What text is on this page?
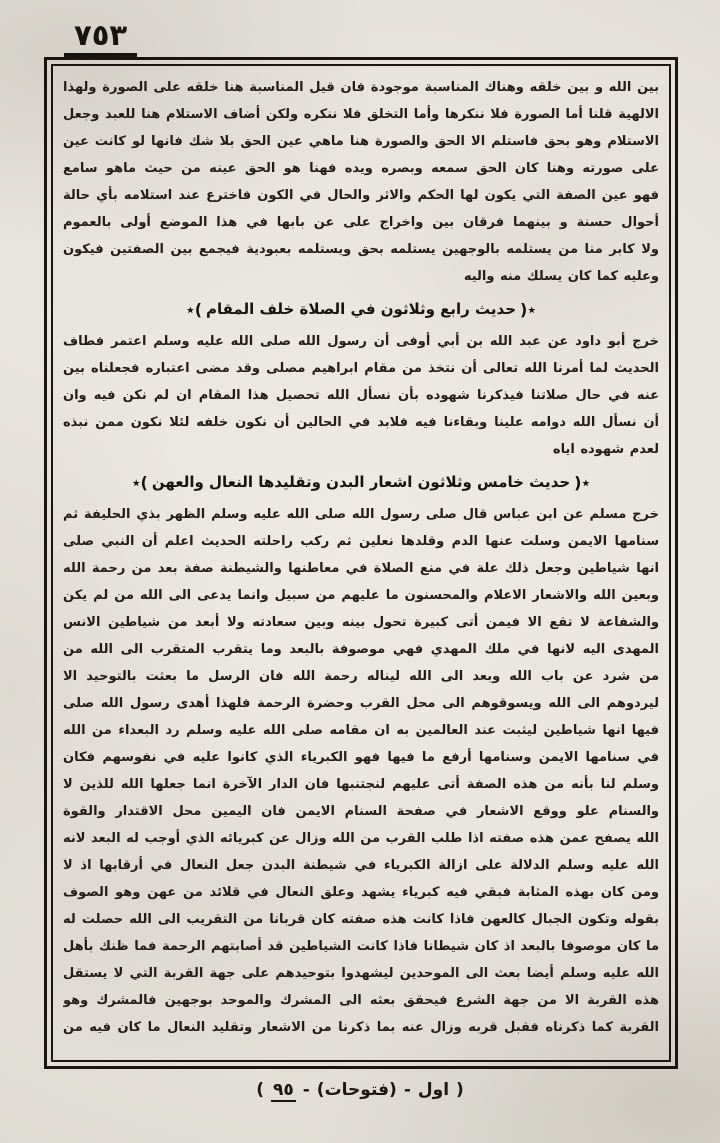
٧٥٣
بين الله و بين خلقه وهناك المناسبة موجودة فان قيل المناسبة هنا خلقه على الصورة ولهذا
الالهية قلنا أما الصورة فلا ننكرها وأما التخلق فلا ننكره ولكن أضاف الاستلام هنا للعبد وجعل
الاستلام وهو بحق فاستلم الا الحق والصورة هنا ماهي عين الحق بلا شك فانها لو كانت عين
على صورته وهنا كان الحق سمعه وبصره ويده فهنا هو الحق عينه من حيث ماهو سامع
فهو عين الصفة التي يكون لها الحكم والاثر والحال في الكون فاخترع عند استلامه بأي حالة
أحوال حسنة و بينهما فرقان بين واخراج على عن بابها في هذا الموضع أولى بالعموم
ولا كابر منا من يستلمه بالوجهين يستلمه بحق ويستلمه بعبودية فيجمع بين الصفتين فيكون
وعليه كما كان يسلك منه واليه
)٭
حديث رابع وثلاثون في الصلاة خلف المقام
٭(
خرج أبو داود عن عبد الله بن أبي أوفى أن رسول الله صلى الله عليه وسلم اعتمر فطاف
الحديث لما أمرنا الله تعالى أن نتخذ من مقام ابراهيم مصلى وقد مضى اعتباره فجعلناه بين
عنه في حال صلاتنا فيذكرنا شهوده بأن نسأل الله تحصيل هذا المقام ان لم نكن فيه وان
أن نسأل الله دوامه علينا وبقاءنا فيه فلابد في الحالين أن نكون خلفه لئلا نكون ممن نبذه
لعدم شهوده اياه
)٭
حديث خامس وثلاثون اشعار البدن وتقليدها النعال والعهن
٭(
خرج مسلم عن ابن عباس قال صلى رسول الله صلى الله عليه وسلم الظهر بذي الحليفة ثم
سنامها الايمن وسلت عنها الدم وقلدها نعلين ثم ركب راحلته الحديث اعلم أن النبي صلى
انها شياطين وجعل ذلك علة في منع الصلاة في معاطنها والشيطنة صفة بعد من رحمة الله
وبعين الله والاشعار الاعلام والمحسنون ما عليهم من سبيل وانما يدعى الى الله من لم يكن
والشفاعة لا تقع الا فيمن أتى كبيرة تحول بينه وبين سعادته ولا أبعد من شياطين الانس
المهدى اليه لانها في ملك المهدي فهي موصوفة بالبعد وما يتقرب المتقرب الى الله من
من شرد عن باب الله وبعد الى الله ليناله رحمة الله فان الرسل ما بعثت بالتوحيد الا
ليردوهم الى الله ويسوقوهم الى محل القرب وحضرة الرحمة فلهذا أهدى رسول الله صلى
فيها انها شياطين ليثبت عند العالمين به ان مقامه صلى الله عليه وسلم رد البعداء من الله
في سنامها الايمن وسنامها أرفع ما فيها فهو الكبرياء الذي كانوا عليه في نفوسهم فكان
وسلم لنا بأنه من هذه الصفة أتى عليهم لنجتنبها فان الدار الآخرة انما جعلها الله للذين لا
والسنام علو ووقع الاشعار في صفحة السنام الايمن فان اليمين محل الاقتدار والقوة
الله يصفح عمن هذه صفته اذا طلب القرب من الله وزال عن كبريائه الذي أوجب له البعد لانه
الله عليه وسلم الدلالة على ازالة الكبرياء في شيطنة البدن جعل النعال في أرقابها اذ لا
ومن كان بهذه المثابة فبقي فيه كبرياء يشهد وعلق النعال في قلائد من عهن وهو الصوف
بقوله وتكون الجبال كالعهن فاذا كانت هذه صفته كان قربانا من التقريب الى الله حصلت له
ما كان موصوفا بالبعد اذ كان شيطانا فاذا كانت الشياطين قد أصابتهم الرحمة فما ظنك بأهل
الله عليه وسلم أيضا بعث الى الموحدين ليشهدوا بتوحيدهم على جهة القربة التي لا يستقل
هذه القربة الا من جهة الشرع فيحقق بعثه الى المشرك والموحد بوجهين فالمشرك وهو
القربة كما ذكرناه فقبل قربه وزال عنه بما ذكرنا من الاشعار وتقليد النعال ما كان فيه من
( ٩٥ - (فتوحات) - اول )
